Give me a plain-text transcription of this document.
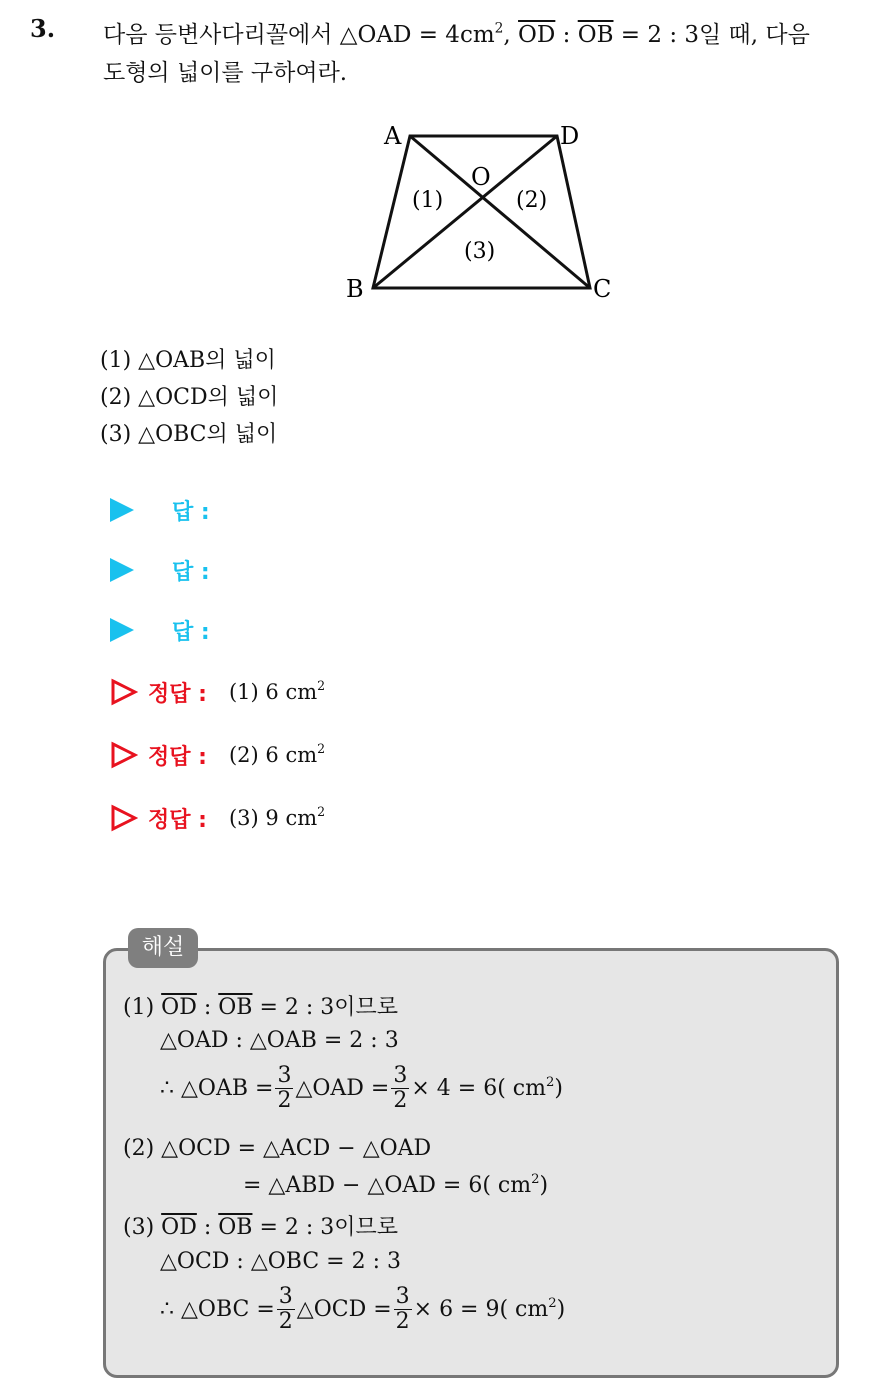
3. 다음 등변사다리꼴에서 △OAD = $4cm^2$, $\overline{OD}$ : $\overline{OB} = 2$ : 3일 때, 다음
도형의 넓이를 구하여라.
A	D
B	C
O
(1)	(2)
(3)
(1) △OAB의 넓이
(2) △OCD의 넓이
(3) △OBC의 넓이
답 :
답 :
답 :
정답 : (1) 6 $cm^2$
정답 : (2) 6 $cm^2$
정답 : (3) 9 $cm^2$
해설
(1) $\overline{OD}$ : $\overline{OB} = 2$ : 3이므로
△OAD : △OAB = 2 : 3
∴ △OAB = $\frac{3}{2}$ △OAD = $\frac{3}{2} \times 4 = 6$( $cm^2$)
(2) △OCD = △ACD − △OAD
= △ABD − △OAD = 6( $cm^2$)
(3) $\overline{OD}$ : $\overline{OB} = 2$ : 3이므로
△OCD : △OBC = 2 : 3
∴ △OBC = $\frac{3}{2}$ △OCD = $\frac{3}{2} \times 6 = 9$( $cm^2$)
